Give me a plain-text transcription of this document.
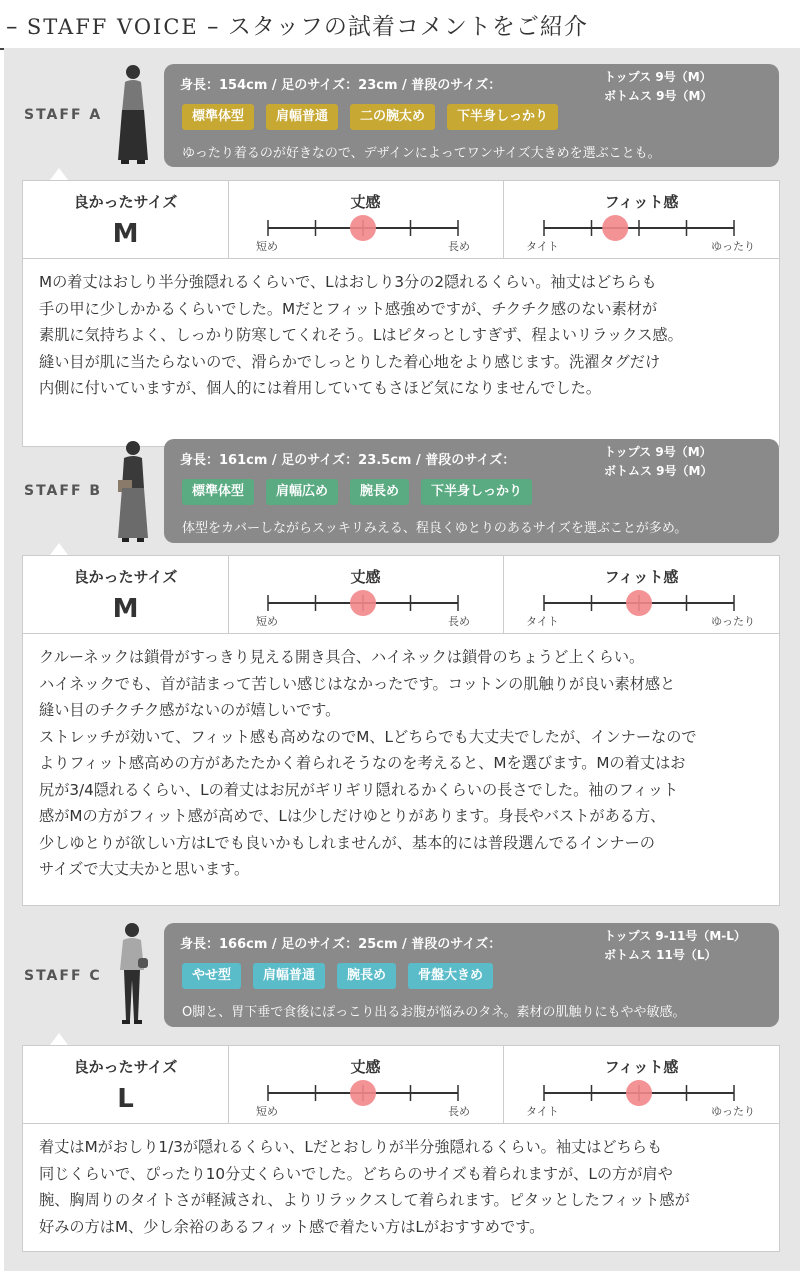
– STAFF VOICE – スタッフの試着コメントをご紹介
STAFF A
身長：154cm / 足のサイズ：23cm / 普段のサイズ：
トップス 9号（M）
ボトムス 9号（M）
標準体型	肩幅普通	二の腕太め	下半身しっかり
ゆったり着るのが好きなので、デザインによってワンサイズ大きめを選ぶことも。
良かったサイズ
M
丈感
短め	長め
フィット感
タイト	ゆったり
Mの着丈はおしり半分強隠れるくらいで、Lはおしり3分の2隠れるくらい。袖丈はどちらも
手の甲に少しかかるくらいでした。Mだとフィット感強めですが、チクチク感のない素材が
素肌に気持ちよく、しっかり防寒してくれそう。Lはピタっとしすぎず、程よいリラックス感。
縫い目が肌に当たらないので、滑らかでしっとりした着心地をより感じます。洗濯タグだけ
内側に付いていますが、個人的には着用していてもさほど気になりませんでした。
STAFF B
身長：161cm / 足のサイズ：23.5cm / 普段のサイズ：
トップス 9号（M）
ボトムス 9号（M）
標準体型	肩幅広め	腕長め	下半身しっかり
体型をカバーしながらスッキリみえる、程良くゆとりのあるサイズを選ぶことが多め。
良かったサイズ
M
丈感
短め	長め
フィット感
タイト	ゆったり
クルーネックは鎖骨がすっきり見える開き具合、ハイネックは鎖骨のちょうど上くらい。
ハイネックでも、首が詰まって苦しい感じはなかったです。コットンの肌触りが良い素材感と
縫い目のチクチク感がないのが嬉しいです。
ストレッチが効いて、フィット感も高めなのでM、Lどちらでも大丈夫でしたが、インナーなので
よりフィット感高めの方があたたかく着られそうなのを考えると、Mを選びます。Mの着丈はお
尻が3/4隠れるくらい、Lの着丈はお尻がギリギリ隠れるかくらいの長さでした。袖のフィット
感がMの方がフィット感が高めで、Lは少しだけゆとりがあります。身長やバストがある方、
少しゆとりが欲しい方はLでも良いかもしれませんが、基本的には普段選んでるインナーの
サイズで大丈夫かと思います。
STAFF C
身長：166cm / 足のサイズ：25cm / 普段のサイズ：
トップス 9-11号（M-L）
ボトムス 11号（L）
やせ型	肩幅普通	腕長め	骨盤大きめ
O脚と、胃下垂で食後にぽっこり出るお腹が悩みのタネ。素材の肌触りにもやや敏感。
良かったサイズ
L
丈感
短め	長め
フィット感
タイト	ゆったり
着丈はMがおしり1/3が隠れるくらい、Lだとおしりが半分強隠れるくらい。袖丈はどちらも
同じくらいで、ぴったり10分丈くらいでした。どちらのサイズも着られますが、Lの方が肩や
腕、胸周りのタイトさが軽減され、よりリラックスして着られます。ピタッとしたフィット感が
好みの方はM、少し余裕のあるフィット感で着たい方はLがおすすめです。
